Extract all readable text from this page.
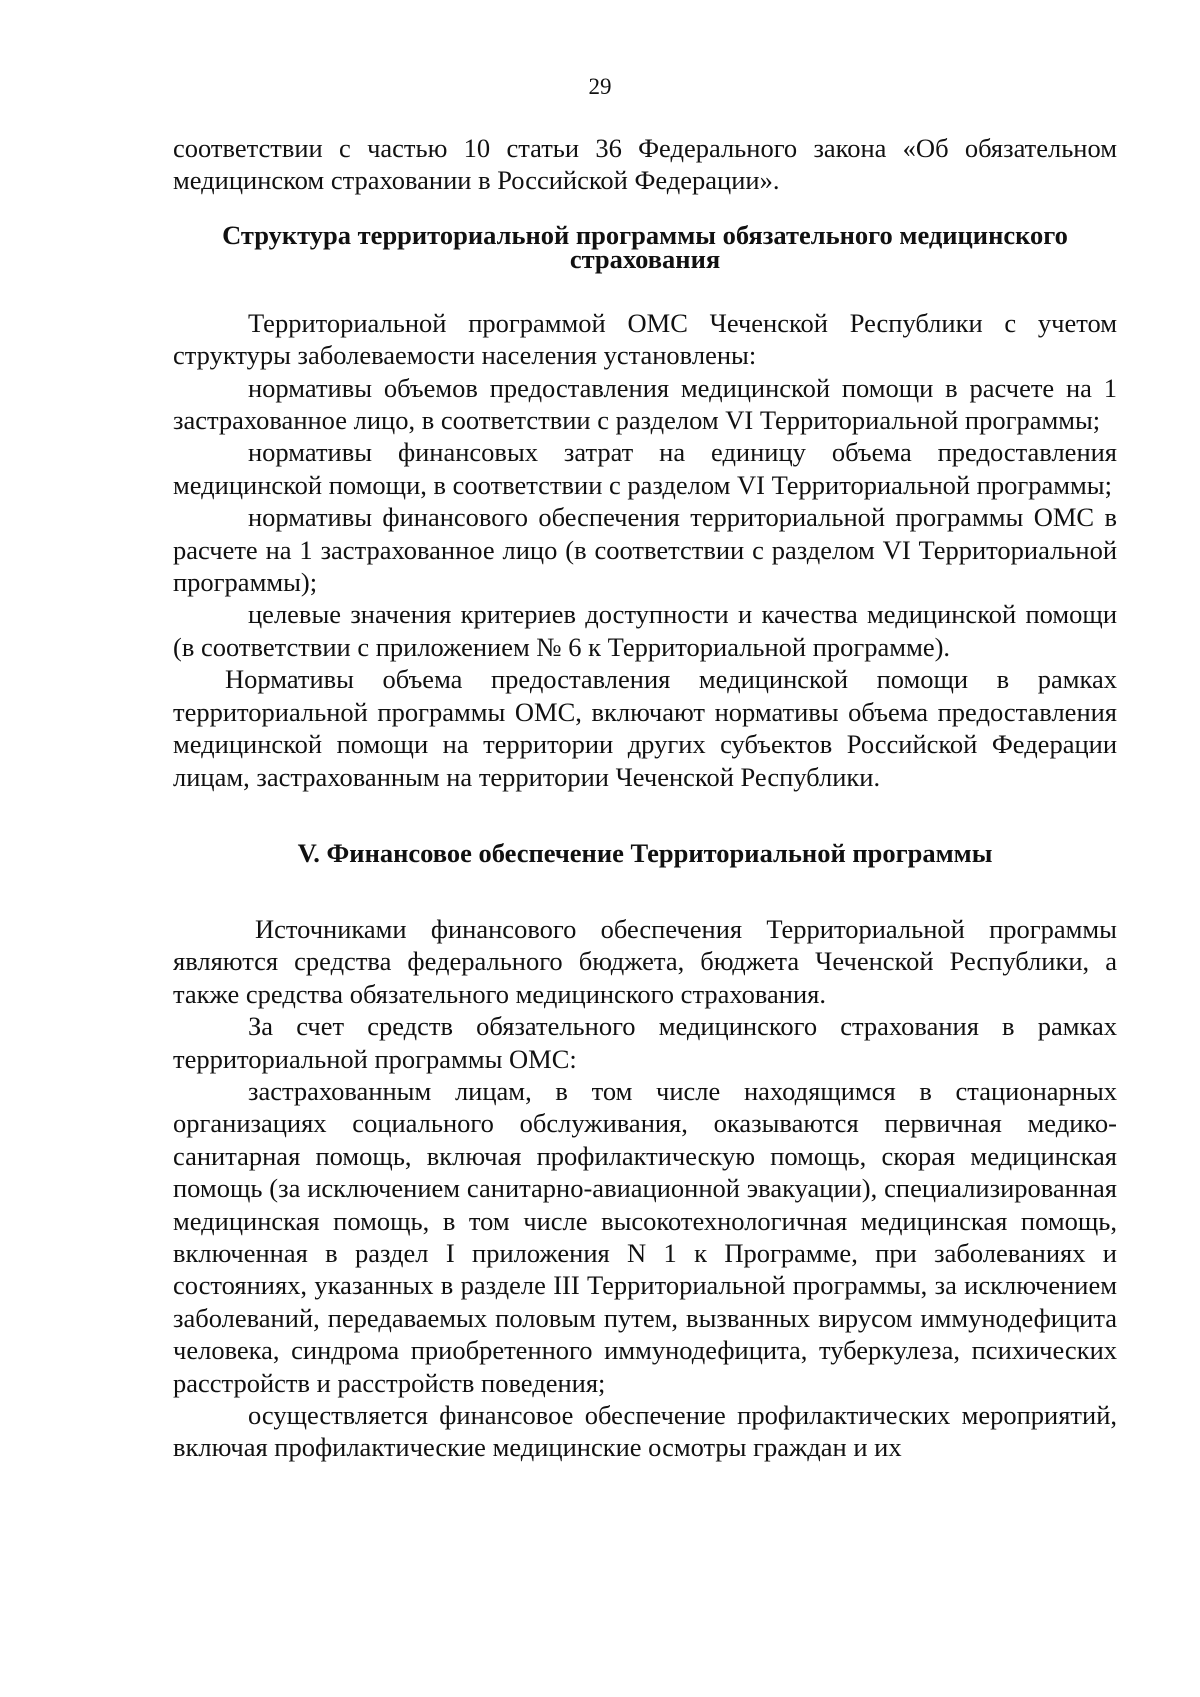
29

соответствии с частью 10 статьи 36 Федерального закона «Об обязательном медицинском страховании в Российской Федерации».

Структура территориальной программы обязательного медицинского страхования

Территориальной программой ОМС Чеченской Республики с учетом структуры заболеваемости населения установлены:

нормативы объемов предоставления медицинской помощи в расчете на 1 застрахованное лицо, в соответствии с разделом VI Территориальной программы;

нормативы финансовых затрат на единицу объема предоставления медицинской помощи, в соответствии с разделом VI Территориальной программы;

нормативы финансового обеспечения территориальной программы ОМС в расчете на 1 застрахованное лицо (в соответствии с разделом VI Территориальной программы);

целевые значения критериев доступности и качества медицинской помощи (в соответствии с приложением № 6 к Территориальной программе).

Нормативы объема предоставления медицинской помощи в рамках территориальной программы ОМС, включают нормативы объема предоставления медицинской помощи на территории других субъектов Российской Федерации лицам, застрахованным на территории Чеченской Республики.

V. Финансовое обеспечение Территориальной программы

Источниками финансового обеспечения Территориальной программы являются средства федерального бюджета, бюджета Чеченской Республики, а также средства обязательного медицинского страхования.

За счет средств обязательного медицинского страхования в рамках территориальной программы ОМС:

застрахованным лицам, в том числе находящимся в стационарных организациях социального обслуживания, оказываются первичная медико-санитарная помощь, включая профилактическую помощь, скорая медицинская помощь (за исключением санитарно-авиационной эвакуации), специализированная медицинская помощь, в том числе высокотехнологичная медицинская помощь, включенная в раздел I приложения N 1 к Программе, при заболеваниях и состояниях, указанных в разделе III Территориальной программы, за исключением заболеваний, передаваемых половым путем, вызванных вирусом иммунодефицита человека, синдрома приобретенного иммунодефицита, туберкулеза, психических расстройств и расстройств поведения;

осуществляется финансовое обеспечение профилактических мероприятий, включая профилактические медицинские осмотры граждан и их
